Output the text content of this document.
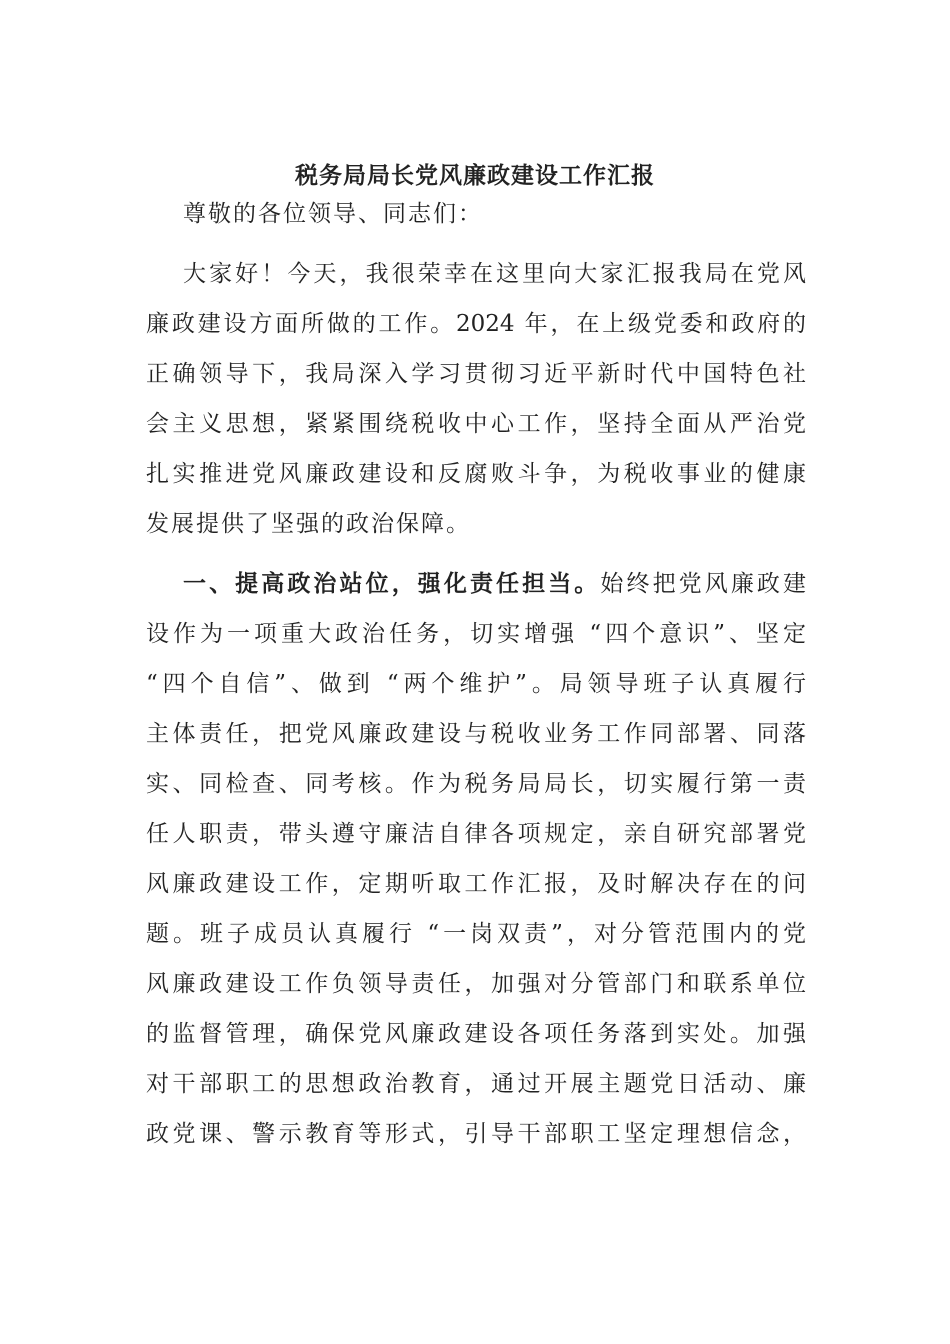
税务局局长党风廉政建设工作汇报
尊敬的各位领导、同志们：
大家好！今天，我很荣幸在这里向大家汇报我局在党风
廉政建设方面所做的工作。2024 年，在上级党委和政府的
正确领导下，我局深入学习贯彻习近平新时代中国特色社
会主义思想，紧紧围绕税收中心工作，坚持全面从严治党
扎实推进党风廉政建设和反腐败斗争，为税收事业的健康
发展提供了坚强的政治保障。
一、提高政治站位，强化责任担当。始终把党风廉政建
设作为一项重大政治任务，切实增强 “四个意识”、坚定
“四个自信”、做到 “两个维护”。局领导班子认真履行
主体责任，把党风廉政建设与税收业务工作同部署、同落
实、同检查、同考核。作为税务局局长，切实履行第一责
任人职责，带头遵守廉洁自律各项规定，亲自研究部署党
风廉政建设工作，定期听取工作汇报，及时解决存在的问
题。班子成员认真履行 “一岗双责”，对分管范围内的党
风廉政建设工作负领导责任，加强对分管部门和联系单位
的监督管理，确保党风廉政建设各项任务落到实处。加强
对干部职工的思想政治教育，通过开展主题党日活动、廉
政党课、警示教育等形式，引导干部职工坚定理想信念，
